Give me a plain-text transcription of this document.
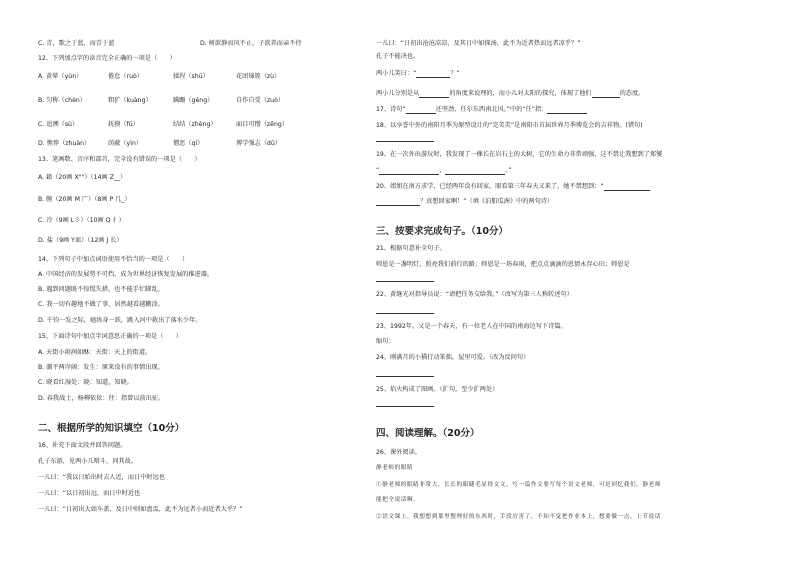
C. 青，歌之于蓝，而青于蓝	D. 树欲静而风不止，子欲养而亲不待
12、下列加点字的读音完全正确的一项是（　　）
A. 黄晕（yùn）	倦怠（ruò）	揉捏（shū）	花团锦簇（zù）
B. 匀称（chèn）	粗犷（kuàng）	蹒跚（gèng）	自作自受（zuò）
C. 追溯（sù）	抚摸（fǔ）	结结（zhèng）	面目可憎（zēng）
D. 憔悴（zhuàn）	荫蔽（yìn）	憎恶（qí）	博学强志（dū）
13、笔画数、音序和部首，完全没有错误的一项是（　　）
A. 籍（20画 X""）（14画 Z__）
B. 腕（20画 M 广）（8画 P 几_）
C. 冷（9画 L彡）（10画 Q 扌）
D. 盐（9画 Y皿）（12画 J 长）
14、下列句子中加点词语使用不恰当的一项是（　　）
A. 中国经济的发展势不可挡，成为世界经济恢复发展的推进器。
B. 遇到问题既不惊慌失措，也不能手忙脚乱。
C. 我一切有趣地不做了事，居然越看越糊涂。
D. 千钧一发之际，她纵身一跃，跳入河中救出了落水少年。
15、下面诗句中加点字词意思正确的一项是（　　）
A. 天街小雨润如酥：天街：天上的街道。
B. 潮平两岸阔：发生：原来没有的事情出现。
C. 晓看红湿处：晓：知道，知晓。
D. 春我战士，杨柳依依：往：指曾以前出征。
二、根据所学的知识填空（10分）
16、补充下面文段并回答问题。
孔子东游，见两小儿辩斗，问其故。
一儿曰：“我以日始出时去人近，而日中时远也
一儿曰：“以日初出远，而日中时近也
一儿曰：“日初出大如车盖，及日中则如盘盂，此不为远者小而近者大乎？”
一儿曰：“日初出沧沧凉凉，及其日中如探汤，此不为近者热而远者凉乎？”
孔子不能决也。
两小儿笑曰：“	？”
两小儿分别是从	的角度来说理的，而小儿对太阳的探究，体现了他们	的态度。
17、诗句“	还坚劲，任尔东西南北风。”中的“任”指：
18、以享誉中外的南阳月季为原型设计的“完美美”是南阳市首届世界月季博览会的吉祥物。(错句)
19、在一次外出游玩时，我发现了一棵长在岩石上的大树，它的生命力非常顽强，这不禁让我想到了郑燮
“	，	。”
20、姐姐在南方求学，已经两年没有回家，眼看第三年春天又来了，她不禁想到：“
？真想回家啊！”（填《泊船瓜洲》中的两句诗）
三、按要求完成句子。（10分）
21、根据句意补全句子。
师恩是一盏明灯，照亮我们前行的路；师恩是一场春雨，把点点滴滴的恩情永存心田；师恩是
22、黄继光对指导员说：“请把任务交给我。”（改写为第三人称转述句）
23、1992年，又是一个春天，有一位老人在中国的南海边写下诗篇。
缩句：
24、刚满月的小猫行动笨拙，屋里可爱。（改为反问句）
25、焰火构成了图画。（扩句，至少扩两处）
四、阅读理解。（20分）
26、课外阅读。
静老师的眼睛
①静老师的眼睛非常大，长长的眼睫毛显得文文。写一篇作文要写每个语文老师，可是回忆我们，静老师
能把全说话啊。
②语文课上，我想想到那里整理好的东西时，手段厉害了，不知不觉把作业本上，想要做一点，上节说话
